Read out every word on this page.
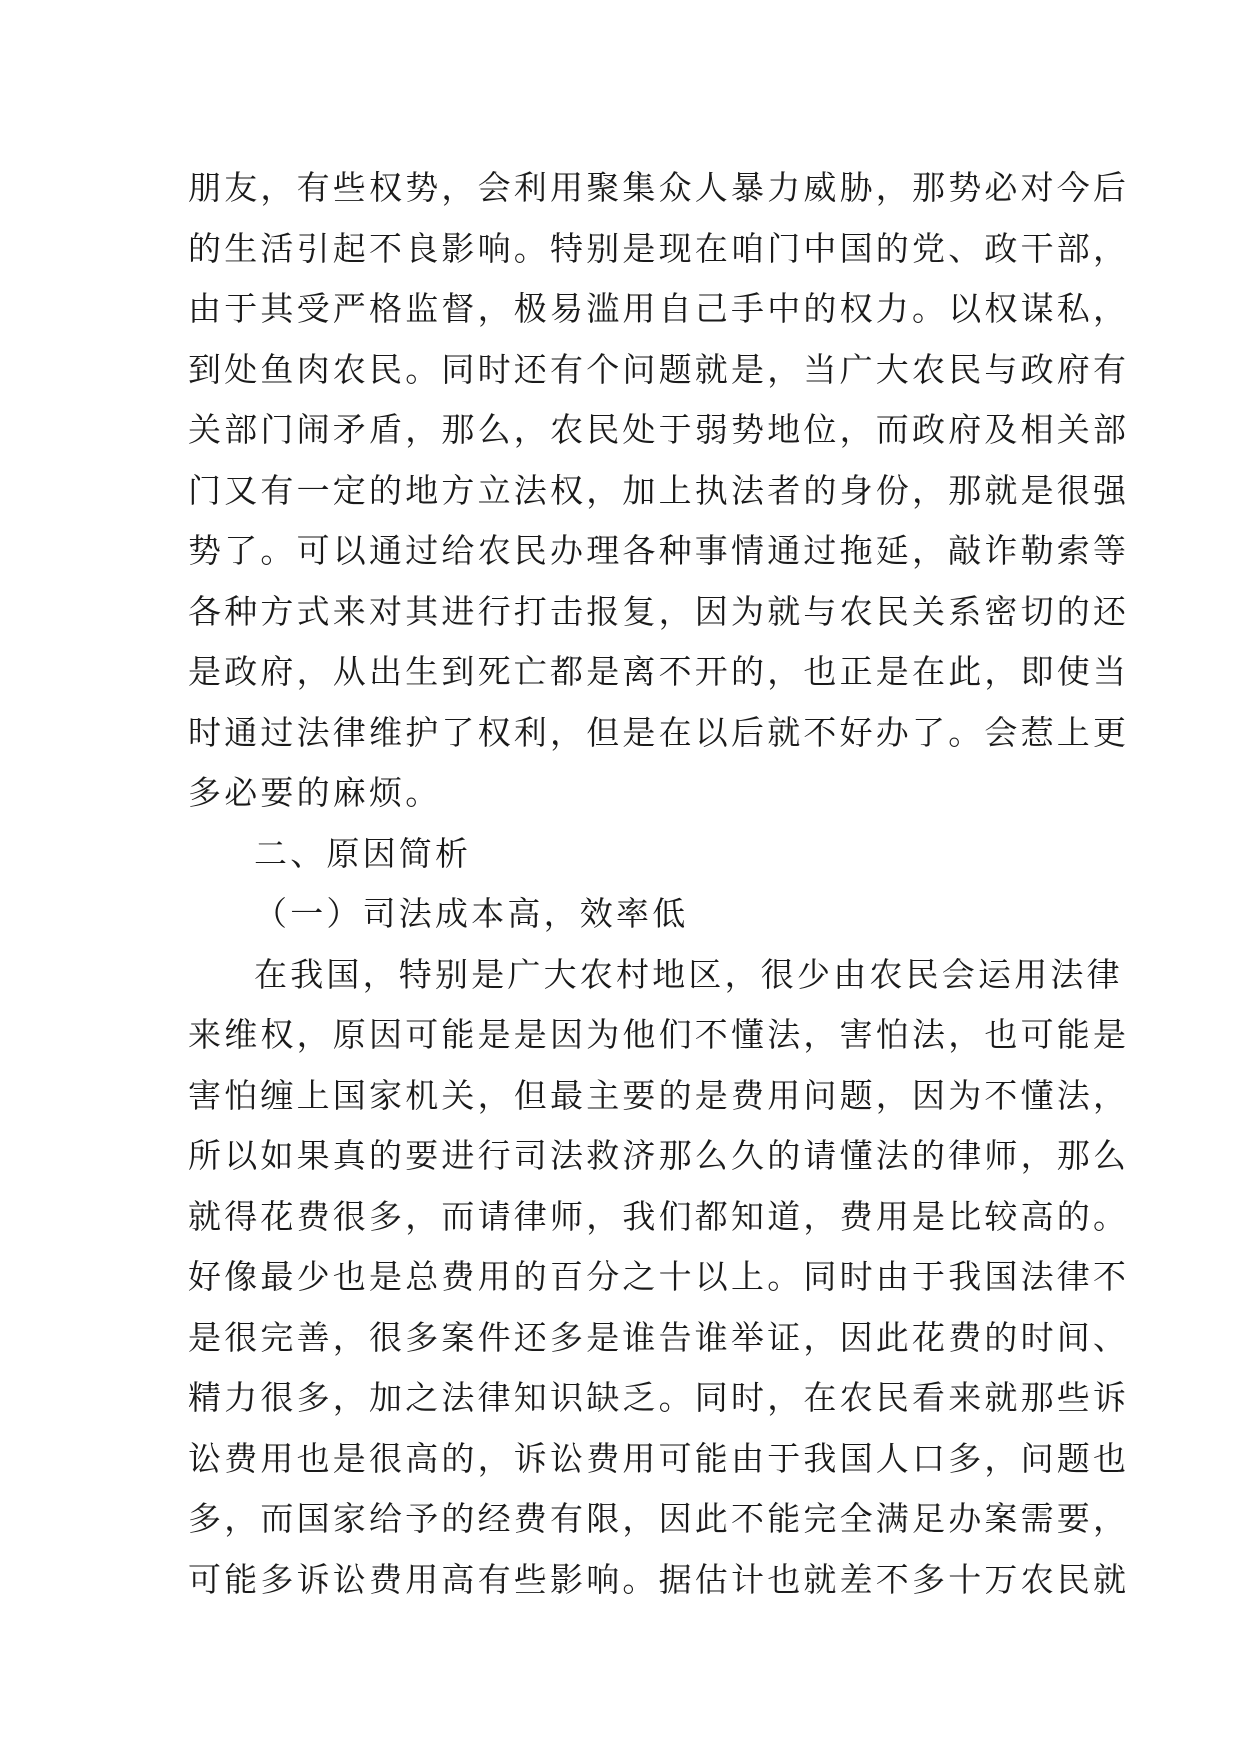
朋友，有些权势，会利用聚集众人暴力威胁，那势必对今后
的生活引起不良影响。特别是现在咱门中国的党、政干部，
由于其受严格监督，极易滥用自己手中的权力。以权谋私，
到处鱼肉农民。同时还有个问题就是，当广大农民与政府有
关部门闹矛盾，那么，农民处于弱势地位，而政府及相关部
门又有一定的地方立法权，加上执法者的身份，那就是很强
势了。可以通过给农民办理各种事情通过拖延，敲诈勒索等
各种方式来对其进行打击报复，因为就与农民关系密切的还
是政府，从出生到死亡都是离不开的，也正是在此，即使当
时通过法律维护了权利，但是在以后就不好办了。会惹上更
多必要的麻烦。
二、原因简析
（一）司法成本高，效率低
在我国，特别是广大农村地区，很少由农民会运用法律
来维权，原因可能是是因为他们不懂法，害怕法，也可能是
害怕缠上国家机关，但最主要的是费用问题，因为不懂法，
所以如果真的要进行司法救济那么久的请懂法的律师，那么
就得花费很多，而请律师，我们都知道，费用是比较高的。
好像最少也是总费用的百分之十以上。同时由于我国法律不
是很完善，很多案件还多是谁告谁举证，因此花费的时间、
精力很多，加之法律知识缺乏。同时，在农民看来就那些诉
讼费用也是很高的，诉讼费用可能由于我国人口多，问题也
多，而国家给予的经费有限，因此不能完全满足办案需要，
可能多诉讼费用高有些影响。据估计也就差不多十万农民就
